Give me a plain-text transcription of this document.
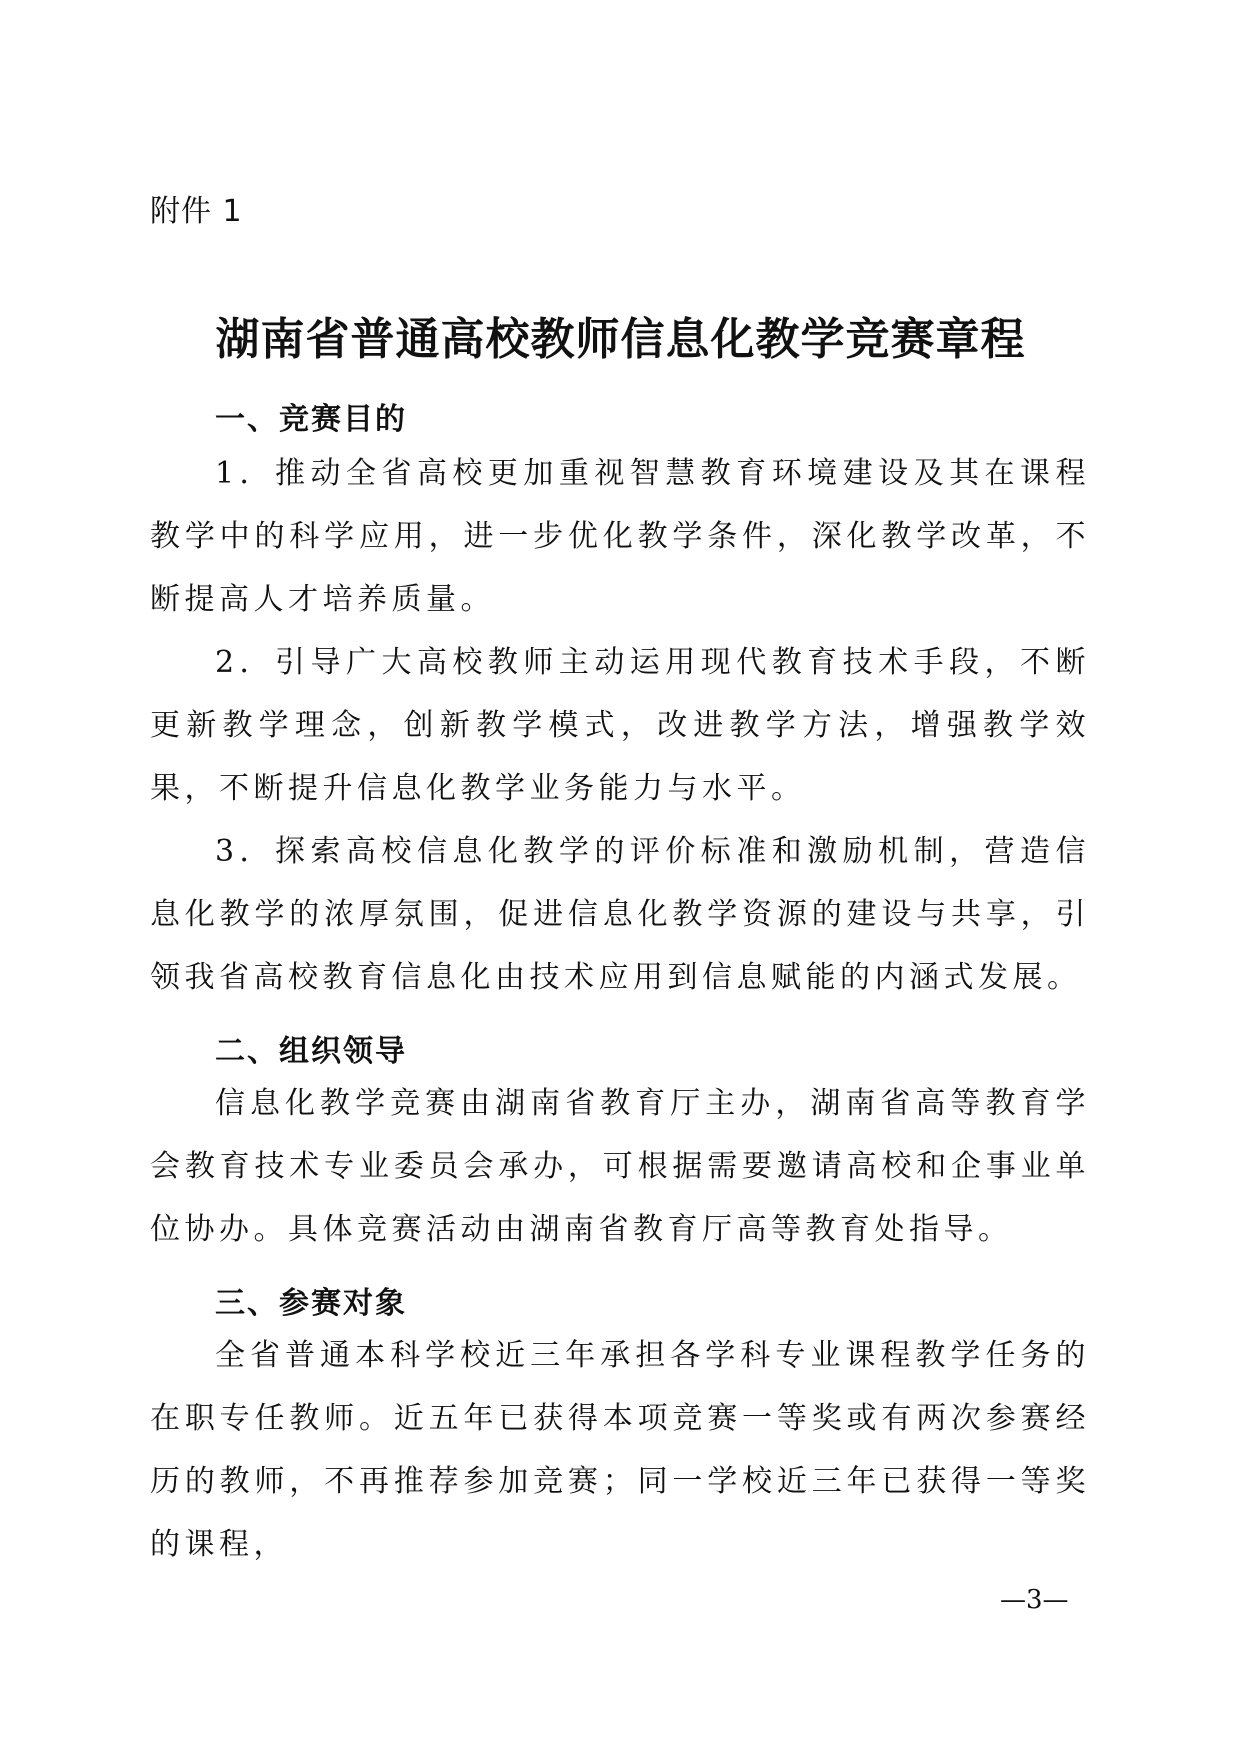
附件 1
湖南省普通高校教师信息化教学竞赛章程
一、竞赛目的

1．推动全省高校更加重视智慧教育环境建设及其在课程教学中的科学应用，进一步优化教学条件，深化教学改革，不断提高人才培养质量。

2．引导广大高校教师主动运用现代教育技术手段，不断更新教学理念，创新教学模式，改进教学方法，增强教学效果，不断提升信息化教学业务能力与水平。

3．探索高校信息化教学的评价标准和激励机制，营造信息化教学的浓厚氛围，促进信息化教学资源的建设与共享，引领我省高校教育信息化由技术应用到信息赋能的内涵式发展。

二、组织领导

信息化教学竞赛由湖南省教育厅主办，湖南省高等教育学会教育技术专业委员会承办，可根据需要邀请高校和企事业单位协办。具体竞赛活动由湖南省教育厅高等教育处指导。

三、参赛对象

全省普通本科学校近三年承担各学科专业课程教学任务的在职专任教师。近五年已获得本项竞赛一等奖或有两次参赛经历的教师，不再推荐参加竞赛；同一学校近三年已获得一等奖的课程，

—3—
